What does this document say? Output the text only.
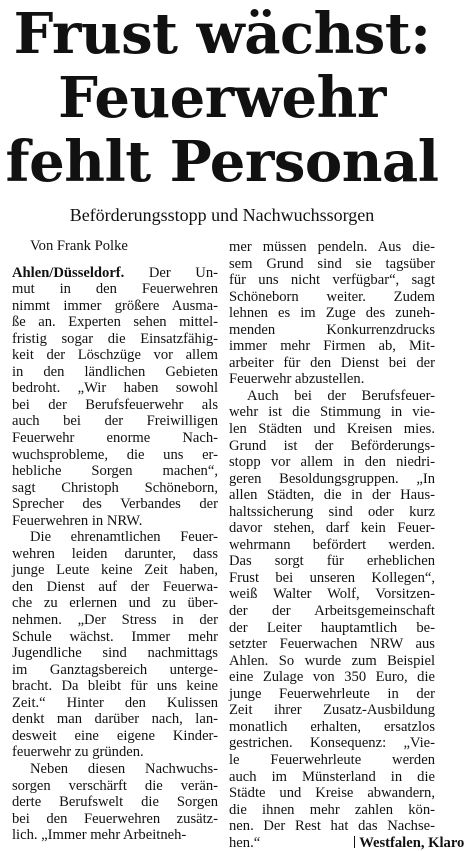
Frust wächst:
Feuerwehr
fehlt Personal
Beförderungsstopp und Nachwuchssorgen
Von Frank Polke
Ahlen/Düsseldorf. Der Un-
mut in den Feuerwehren
nimmt immer größere Ausma-
ße an. Experten sehen mittel-
fristig sogar die Einsatzfähig-
keit der Löschzüge vor allem
in den ländlichen Gebieten
bedroht. „Wir haben sowohl
bei der Berufsfeuerwehr als
auch bei der Freiwilligen
Feuerwehr enorme Nach-
wuchsprobleme, die uns er-
hebliche Sorgen machen“,
sagt Christoph Schöneborn,
Sprecher des Verbandes der
Feuerwehren in NRW.
Die ehrenamtlichen Feuer-
wehren leiden darunter, dass
junge Leute keine Zeit haben,
den Dienst auf der Feuerwa-
che zu erlernen und zu über-
nehmen. „Der Stress in der
Schule wächst. Immer mehr
Jugendliche sind nachmittags
im Ganztagsbereich unterge-
bracht. Da bleibt für uns keine
Zeit.“ Hinter den Kulissen
denkt man darüber nach, lan-
desweit eine eigene Kinder-
feuerwehr zu gründen.
Neben diesen Nachwuchs-
sorgen verschärft die verän-
derte Berufswelt die Sorgen
bei den Feuerwehren zusätz-
lich. „Immer mehr Arbeitneh-
mer müssen pendeln. Aus die-
sem Grund sind sie tagsüber
für uns nicht verfügbar“, sagt
Schöneborn weiter. Zudem
lehnen es im Zuge des zuneh-
menden Konkurrenzdrucks
immer mehr Firmen ab, Mit-
arbeiter für den Dienst bei der
Feuerwehr abzustellen.
Auch bei der Berufsfeuer-
wehr ist die Stimmung in vie-
len Städten und Kreisen mies.
Grund ist der Beförderungs-
stopp vor allem in den niedri-
geren Besoldungsgruppen. „In
allen Städten, die in der Haus-
haltssicherung sind oder kurz
davor stehen, darf kein Feuer-
wehrmann befördert werden.
Das sorgt für erheblichen
Frust bei unseren Kollegen“,
weiß Walter Wolf, Vorsitzen-
der der Arbeitsgemeinschaft
der Leiter hauptamtlich be-
setzter Feuerwachen NRW aus
Ahlen. So wurde zum Beispiel
eine Zulage von 350 Euro, die
junge Feuerwehrleute in der
Zeit ihrer Zusatz-Ausbildung
monatlich erhalten, ersatzlos
gestrichen. Konsequenz: „Vie-
le Feuerwehrleute werden
auch im Münsterland in die
Städte und Kreise abwandern,
die ihnen mehr zahlen kön-
nen. Der Rest hat das Nachse-
hen.“	Westfalen, Klaro
